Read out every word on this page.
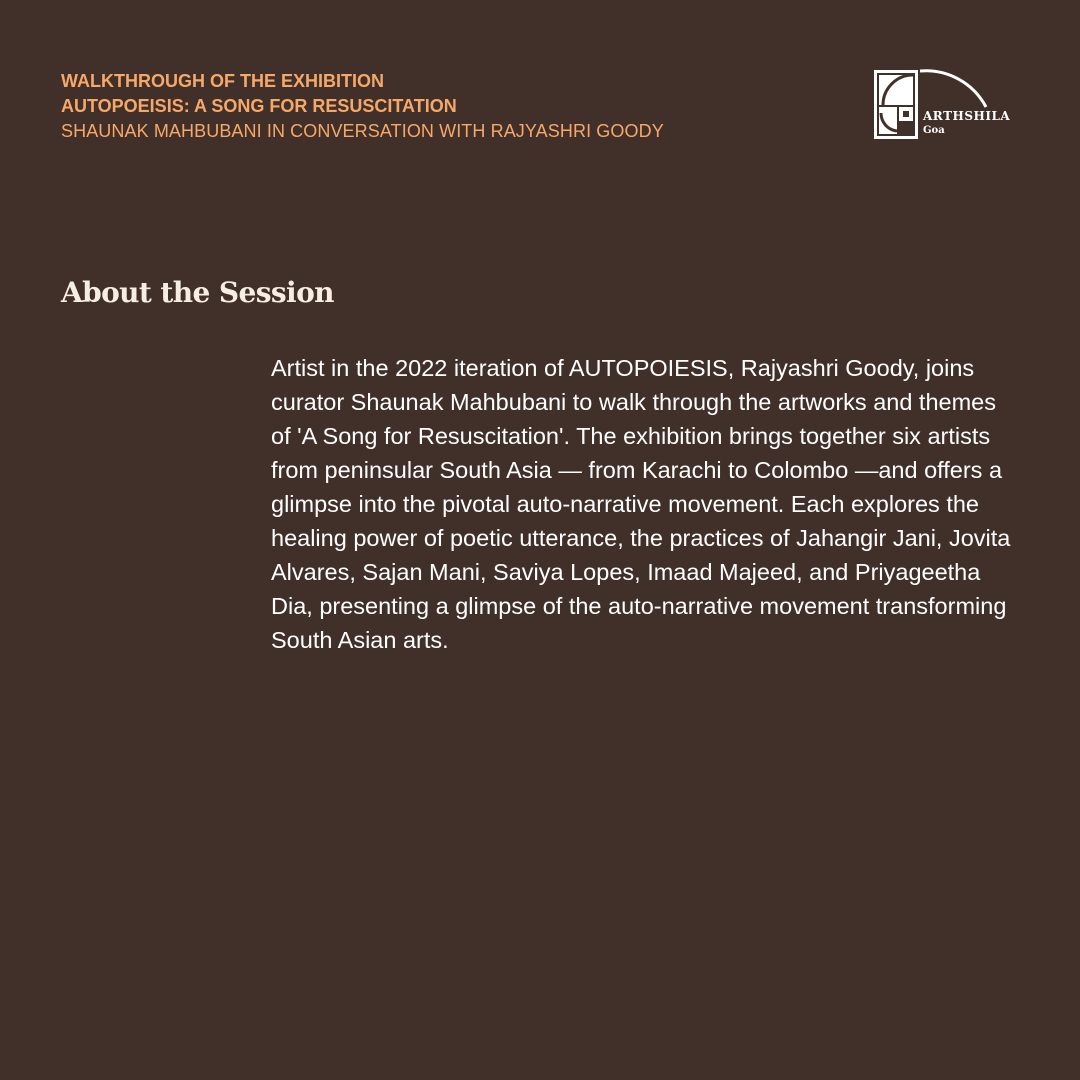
WALKTHROUGH OF THE EXHIBITION
AUTOPOEISIS: A SONG FOR RESUSCITATION
SHAUNAK MAHBUBANI IN CONVERSATION WITH RAJYASHRI GOODY
ARTHSHILA
Goa
About the Session

Artist in the 2022 iteration of AUTOPOIESIS, Rajyashri Goody, joins curator Shaunak Mahbubani to walk through the artworks and themes of 'A Song for Resuscitation'. The exhibition brings together six artists from peninsular South Asia — from Karachi to Colombo —and offers a glimpse into the pivotal auto-narrative movement. Each explores the healing power of poetic utterance, the practices of Jahangir Jani, Jovita Alvares, Sajan Mani, Saviya Lopes, Imaad Majeed, and Priyageetha Dia, presenting a glimpse of the auto-narrative movement transforming South Asian arts.
